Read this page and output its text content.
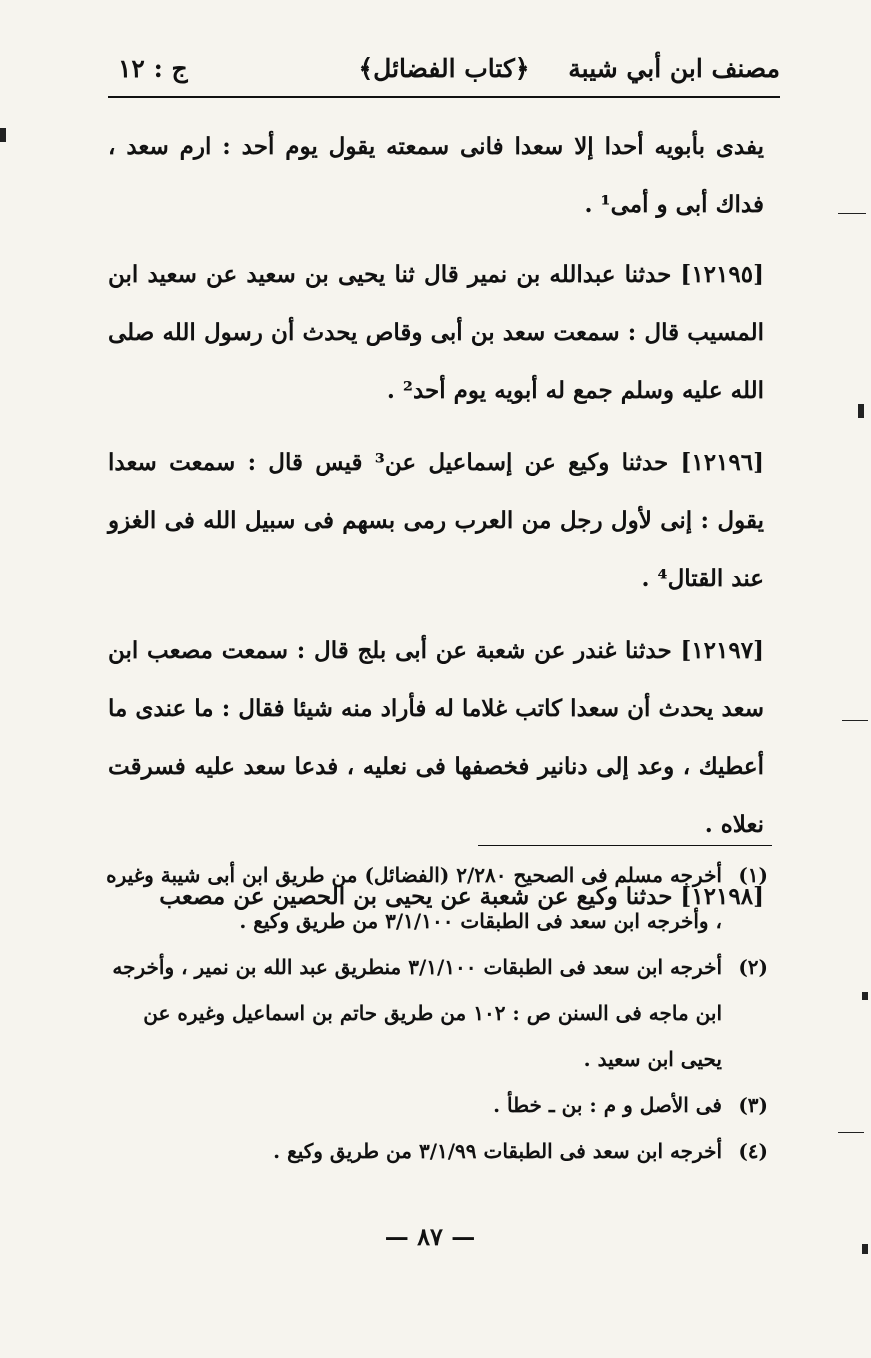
مصنف ابن أبي شيبة
﴿كتاب الفضائل﴾
ج : ١٢

يفدى بأبويه أحدا إلا سعدا فانى سمعته يقول يوم أحد : ارم سعد ، فداك أبى و أمى¹ .

[١٢١٩٥] حدثنا عبدالله بن نمير قال ثنا يحيى بن سعيد عن سعيد ابن المسيب قال : سمعت سعد بن أبى وقاص يحدث أن رسول الله صلى الله عليه وسلم جمع له أبويه يوم أحد² .

[١٢١٩٦] حدثنا وكيع عن إسماعيل عن³ قيس قال : سمعت سعدا يقول : إنى لأول رجل من العرب رمى بسهم فى سبيل الله فى الغزو عند القتال⁴ .

[١٢١٩٧] حدثنا غندر عن شعبة عن أبى بلج قال : سمعت مصعب ابن سعد يحدث أن سعدا كاتب غلاما له فأراد منه شيئا فقال : ما عندى ما أعطيك ، وعد إلى دنانير فخصفها فى نعليه ، فدعا سعد عليه فسرقت نعلاه .

[١٢١٩٨] حدثنا وكيع عن شعبة عن يحيى بن الحصين عن مصعب

(١)
أخرجه مسلم فى الصحيح ٢/٢٨٠ (الفضائل) من طريق ابن أبى شيبة وغيره ، وأخرجه ابن سعد فى الطبقات ٣/١/١٠٠ من طريق وكيع .

(٢)
أخرجه ابن سعد فى الطبقات ٣/١/١٠٠ منطريق عبد الله بن نمير ، وأخرجه ابن ماجه فى السنن ص : ١٠٢ من طريق حاتم بن اسماعيل وغيره عن يحيى ابن سعيد .

(٣)
فى الأصل و م : بن ـ خطأ .

(٤)
أخرجه ابن سعد فى الطبقات ٣/١/٩٩ من طريق وكيع .

— ٨٧ —
